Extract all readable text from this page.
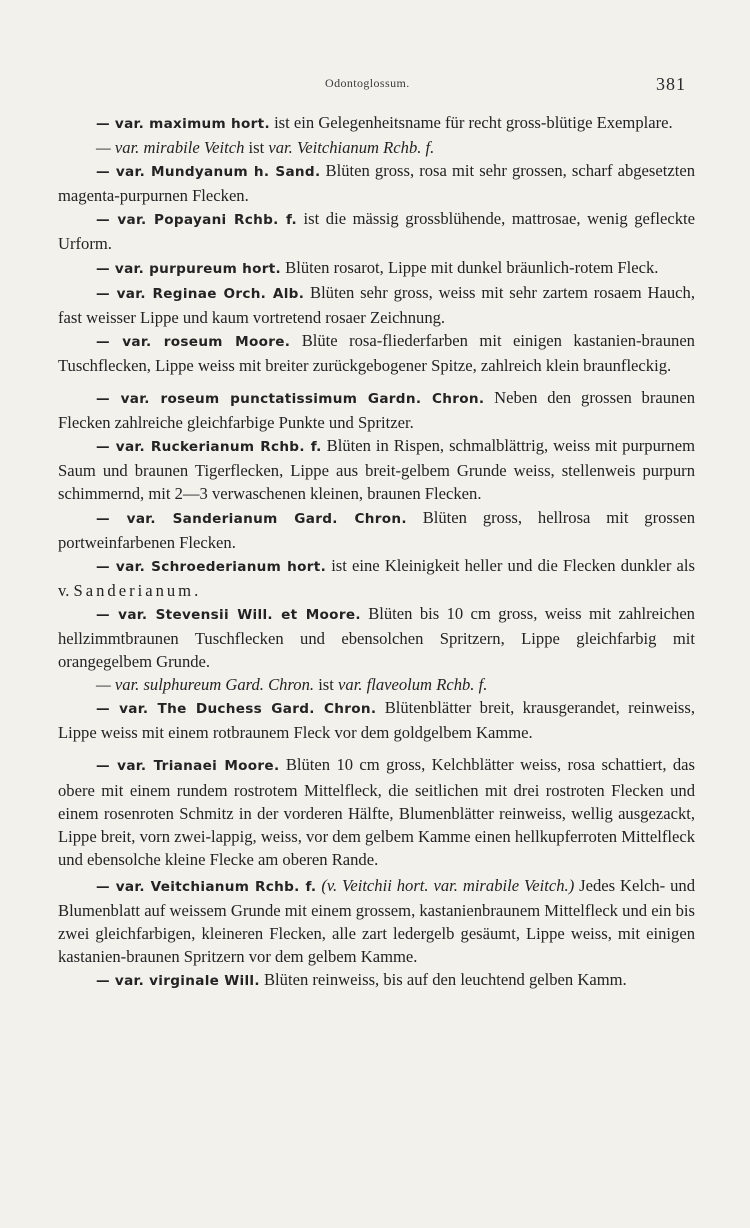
Odontoglossum.	381

— var. maximum hort. ist ein Gelegenheitsname für recht gross-blütige Exemplare.

— var. mirabile Veitch ist var. Veitchianum Rchb. f.

— var. Mundyanum h. Sand. Blüten gross, rosa mit sehr grossen, scharf abgesetzten magenta-purpurnen Flecken.

— var. Popayani Rchb. f. ist die mässig grossblühende, mattrosae, wenig gefleckte Urform.

— var. purpureum hort. Blüten rosarot, Lippe mit dunkel bräunlich-rotem Fleck.

— var. Reginae Orch. Alb. Blüten sehr gross, weiss mit sehr zartem rosaem Hauch, fast weisser Lippe und kaum vortretend rosaer Zeichnung.

— var. roseum Moore. Blüte rosa-fliederfarben mit einigen kastanien-braunen Tuschflecken, Lippe weiss mit breiter zurückgebogener Spitze, zahlreich klein braunfleckig.

— var. roseum punctatissimum Gardn. Chron. Neben den grossen braunen Flecken zahlreiche gleichfarbige Punkte und Spritzer.

— var. Ruckerianum Rchb. f. Blüten in Rispen, schmalblättrig, weiss mit purpurnem Saum und braunen Tigerflecken, Lippe aus breit-gelbem Grunde weiss, stellenweis purpurn schimmernd, mit 2—3 verwaschenen kleinen, braunen Flecken.

— var. Sanderianum Gard. Chron. Blüten gross, hellrosa mit grossen portweinfarbenen Flecken.

— var. Schroederianum hort. ist eine Kleinigkeit heller und die Flecken dunkler als v. Sanderianum.

— var. Stevensii Will. et Moore. Blüten bis 10 cm gross, weiss mit zahlreichen hellzimmtbraunen Tuschflecken und ebensolchen Spritzern, Lippe gleichfarbig mit orangegelbem Grunde.

— var. sulphureum Gard. Chron. ist var. flaveolum Rchb. f.

— var. The Duchess Gard. Chron. Blütenblätter breit, krausgerandet, reinweiss, Lippe weiss mit einem rotbraunem Fleck vor dem goldgelbem Kamme.

— var. Trianaei Moore. Blüten 10 cm gross, Kelchblätter weiss, rosa schattiert, das obere mit einem rundem rostrotem Mittelfleck, die seitlichen mit drei rostroten Flecken und einem rosenroten Schmitz in der vorderen Hälfte, Blumenblätter reinweiss, wellig ausgezackt, Lippe breit, vorn zwei-lappig, weiss, vor dem gelbem Kamme einen hellkupferroten Mittelfleck und ebensolche kleine Flecke am oberen Rande.

— var. Veitchianum Rchb. f. (v. Veitchii hort. var. mirabile Veitch.) Jedes Kelch- und Blumenblatt auf weissem Grunde mit einem grossem, kastanienbraunem Mittelfleck und ein bis zwei gleichfarbigen, kleineren Flecken, alle zart ledergelb gesäumt, Lippe weiss, mit einigen kastanien-braunen Spritzern vor dem gelbem Kamme.

— var. virginale Will. Blüten reinweiss, bis auf den leuchtend gelben Kamm.
